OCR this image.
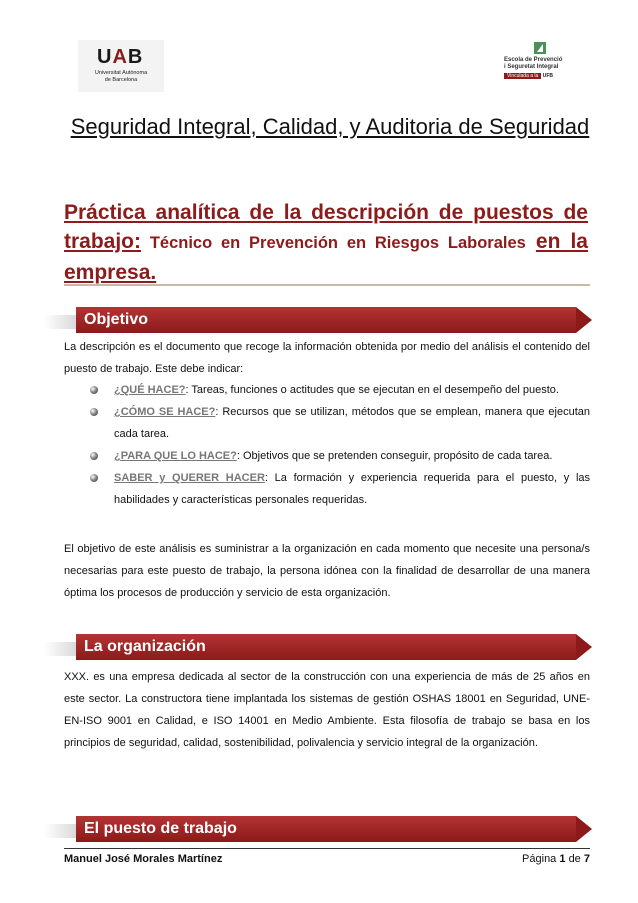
UAB
Universitat Autònoma
de Barcelona
Escola de Prevenció
i Seguretat Integral
Vinculada a la UFB
Seguridad Integral, Calidad, y Auditoria de Seguridad
Práctica analítica de la descripción de puestos de trabajo: Técnico en Prevención en Riesgos Laborales en la empresa.
Objetivo
La descripción es el documento que recoge la información obtenida por medio del análisis el contenido del puesto de trabajo. Este debe indicar:
¿QUÉ HACE?: Tareas, funciones o actitudes que se ejecutan en el desempeño del puesto.
¿CÓMO SE HACE?: Recursos que se utilizan, métodos que se emplean, manera que ejecutan cada tarea.
¿PARA QUE LO HACE?: Objetivos que se pretenden conseguir, propósito de cada tarea.
SABER y QUERER HACER: La formación y experiencia requerida para el puesto, y las habilidades y características personales requeridas.
El objetivo de este análisis es suministrar a la organización en cada momento que necesite una persona/s necesarias para este puesto de trabajo, la persona idónea con la finalidad de desarrollar de una manera óptima los procesos de producción y servicio de esta organización.
La organización
XXX. es una empresa dedicada al sector de la construcción con una experiencia de más de 25 años en este sector. La constructora tiene implantada los sistemas de gestión OSHAS 18001 en Seguridad, UNE-EN-ISO 9001 en Calidad, e ISO 14001 en Medio Ambiente. Esta filosofía de trabajo se basa en los principios de seguridad, calidad, sostenibilidad, polivalencia y servicio integral de la organización.
El puesto de trabajo
Manuel José Morales Martínez	Página 1 de 7
